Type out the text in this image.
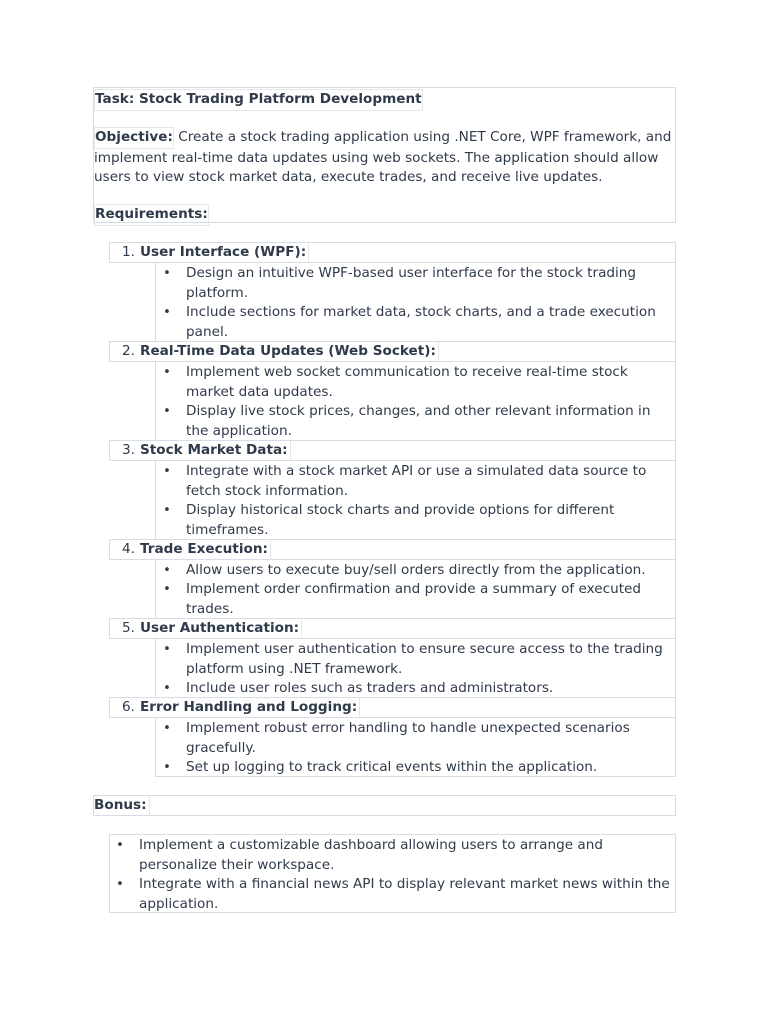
Task: Stock Trading Platform Development
Objective: Create a stock trading application using .NET Core, WPF framework, and implement real-time data updates using web sockets. The application should allow users to view stock market data, execute trades, and receive live updates.
Requirements:
1. User Interface (WPF):
• Design an intuitive WPF-based user interface for the stock trading platform.
• Include sections for market data, stock charts, and a trade execution panel.
2. Real-Time Data Updates (Web Socket):
• Implement web socket communication to receive real-time stock market data updates.
• Display live stock prices, changes, and other relevant information in the application.
3. Stock Market Data:
• Integrate with a stock market API or use a simulated data source to fetch stock information.
• Display historical stock charts and provide options for different timeframes.
4. Trade Execution:
• Allow users to execute buy/sell orders directly from the application.
• Implement order confirmation and provide a summary of executed trades.
5. User Authentication:
• Implement user authentication to ensure secure access to the trading platform using .NET framework.
• Include user roles such as traders and administrators.
6. Error Handling and Logging:
• Implement robust error handling to handle unexpected scenarios gracefully.
• Set up logging to track critical events within the application.
Bonus:
• Implement a customizable dashboard allowing users to arrange and personalize their workspace.
• Integrate with a financial news API to display relevant market news within the application.
